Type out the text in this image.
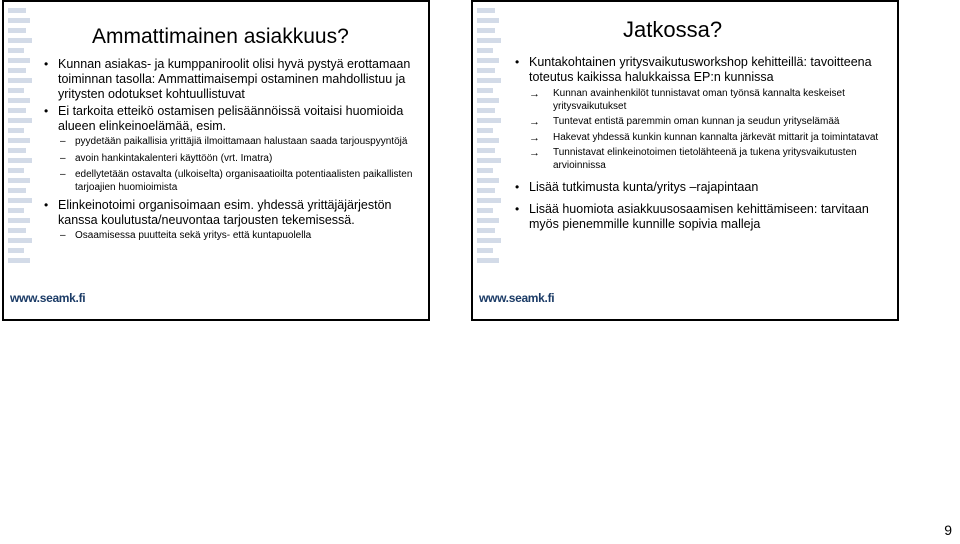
Ammattimainen asiakkuus?
• Kunnan asiakas- ja kumppaniroolit olisi hyvä pystyä erottamaan toiminnan tasolla: Ammattimaisempi ostaminen mahdollistuu ja yritysten odotukset kohtuullistuvat
• Ei tarkoita etteikö ostamisen pelisäännöissä voitaisi huomioida alueen elinkeinoelämää, esim.
– pyydetään paikallisia yrittäjiä ilmoittamaan halustaan saada tarjouspyyntöjä
– avoin hankintakalenteri käyttöön (vrt. Imatra)
– edellytetään ostavalta (ulkoiselta) organisaatioilta potentiaalisten paikallisten tarjoajien huomioimista
• Elinkeinotoimi organisoimaan esim. yhdessä yrittäjäjärjestön kanssa koulutusta/neuvontaa tarjousten tekemisessä.
– Osaamisessa puutteita sekä yritys- että kuntapuolella
www.seamk.fi
Jatkossa?
• Kuntakohtainen yritysvaikutusworkshop kehitteillä: tavoitteena toteutus kaikissa halukkaissa EP:n kunnissa
→ Kunnan avainhenkilöt tunnistavat oman työnsä kannalta keskeiset yritysvaikutukset
→ Tuntevat entistä paremmin oman kunnan ja seudun yrityselämää
→ Hakevat yhdessä kunkin kunnan kannalta järkevät mittarit ja toimintatavat
→ Tunnistavat elinkeinotoimen tietolähteenä ja tukena yritysvaikutusten arvioinnissa
• Lisää tutkimusta kunta/yritys –rajapintaan
• Lisää huomiota asiakkuusosaamisen kehittämiseen: tarvitaan myös pienemmille kunnille sopivia malleja
www.seamk.fi
9
